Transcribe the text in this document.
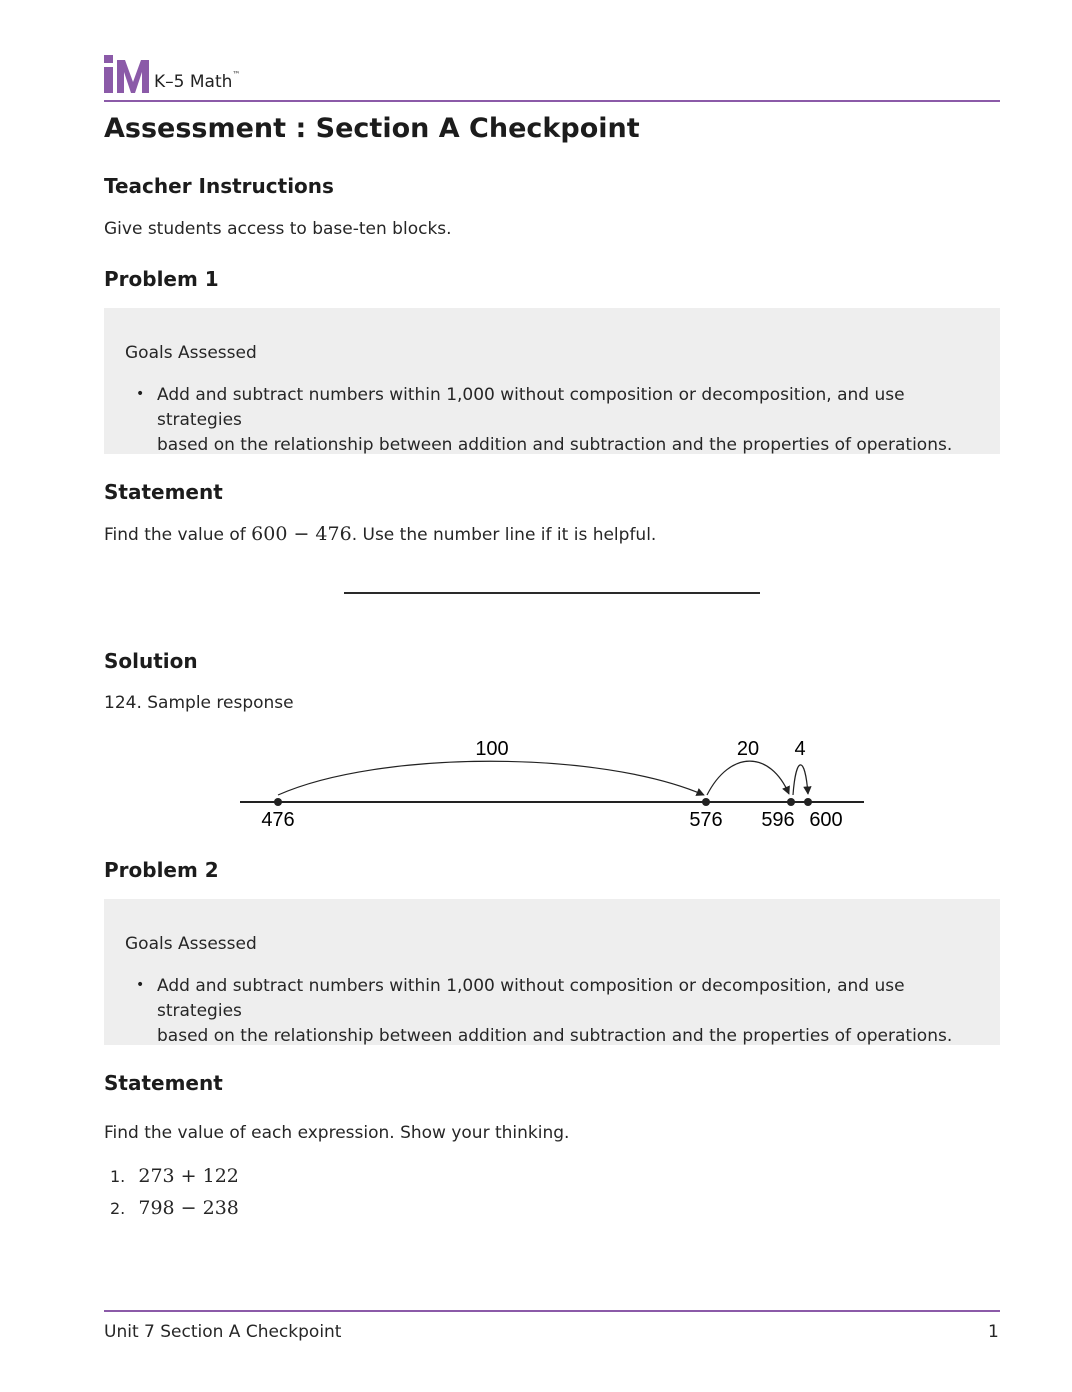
K–5 Math™
Assessment : Section A Checkpoint
Teacher Instructions
Give students access to base-ten blocks.
Problem 1
Goals Assessed
• Add and subtract numbers within 1,000 without composition or decomposition, and use strategies
based on the relationship between addition and subtraction and the properties of operations.
Statement
Find the value of 600 − 476. Use the number line if it is helpful.
Solution
124. Sample response
100	20 4
476	576 596 600
Problem 2
Goals Assessed
• Add and subtract numbers within 1,000 without composition or decomposition, and use strategies
based on the relationship between addition and subtraction and the properties of operations.
Statement
Find the value of each expression. Show your thinking.
1. 273 + 122
2. 798 − 238
Unit 7 Section A Checkpoint	1
